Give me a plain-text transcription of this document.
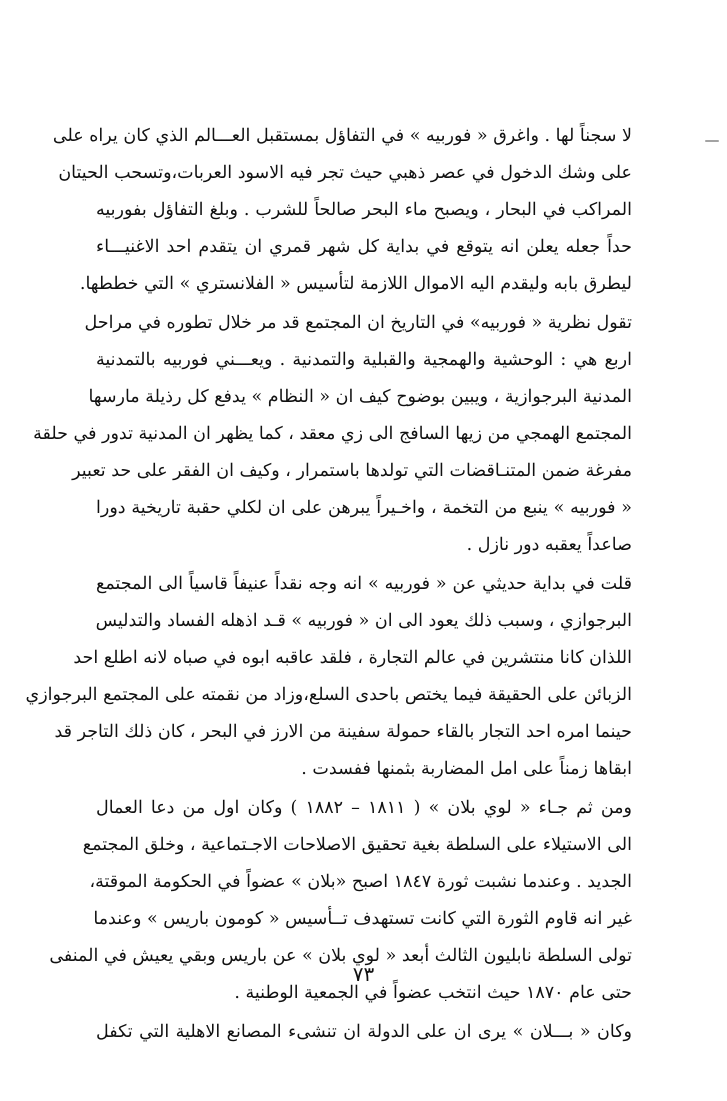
لا سجناً لها . واغرق « فوربيه » في التفاؤل بمستقبل العـــالم الذي كان يراه على
على وشك الدخول في عصر ذهبي حيث تجر فيه الاسود العربات،وتسحب الحيتان
المراكب في البحار ، ويصبح ماء البحر صالحاً للشرب . وبلغ التفاؤل بفوربيه
حداً جعله يعلن انه يتوقع في بداية كل شهر قمري ان يتقدم احد الاغنيـــاء
ليطرق بابه وليقدم اليه الاموال اللازمة لتأسيس « الفلانستري » التي خططها.
تقول نظرية « فوربيه» في التاريخ ان المجتمع قد مر خلال تطوره في مراحل
اربع هي : الوحشية والهمجية والقبلية والتمدنية . ويعـــني فوربيه بالتمدنية
المدنية البرجوازية ، ويبين بوضوح كيف ان « النظام » يدفع كل رذيلة مارسها
المجتمع الهمجي من زيها السافج الى زي معقد ، كما يظهر ان المدنية تدور في حلقة
مفرغة ضمن المتنـاقضات التي تولدها باستمرار ، وكيف ان الفقر على حد تعبير
« فوربيه » ينبع من التخمة ، واخـيراً يبرهن على ان لكلي حقبة تاريخية دورا
صاعداً يعقبه دور نازل .
قلت في بداية حديثي عن « فوربيه » انه وجه نقداً عنيفاً قاسياً الى المجتمع
البرجوازي ، وسبب ذلك يعود الى ان « فوربيه » قـد اذهله الفساد والتدليس
اللذان كانا منتشرين في عالم التجارة ، فلقد عاقبه ابوه في صباه لانه اطلع احد
الزبائن على الحقيقة فيما يختص باحدى السلع،وزاد من نقمته على المجتمع البرجوازي
حينما امره احد التجار بالقاء حمولة سفينة من الارز في البحر ، كان ذلك التاجر قد
ابقاها زمناً على امل المضاربة بثمنها ففسدت .
ومن ثم جـاء « لوي بلان » ( ١٨١١ – ١٨٨٢ ) وكان اول من دعا العمال
الى الاستيلاء على السلطة بغية تحقيق الاصلاحات الاجـتماعية ، وخلق المجتمع
الجديد . وعندما نشبت ثورة ١٨٤٧ اصبح «بلان » عضواً في الحكومة الموقتة،
غير انه قاوم الثورة التي كانت تستهدف تــأسيس « كومون باريس » وعندما
تولى السلطة نابليون الثالث أبعد « لوي بلان » عن باريس وبقي يعيش في المنفى
حتى عام ١٨٧٠ حيث انتخب عضواً في الجمعية الوطنية .
وكان « بـــلان » يرى ان على الدولة ان تنشىء المصانع الاهلية التي تكفل
٧٣
